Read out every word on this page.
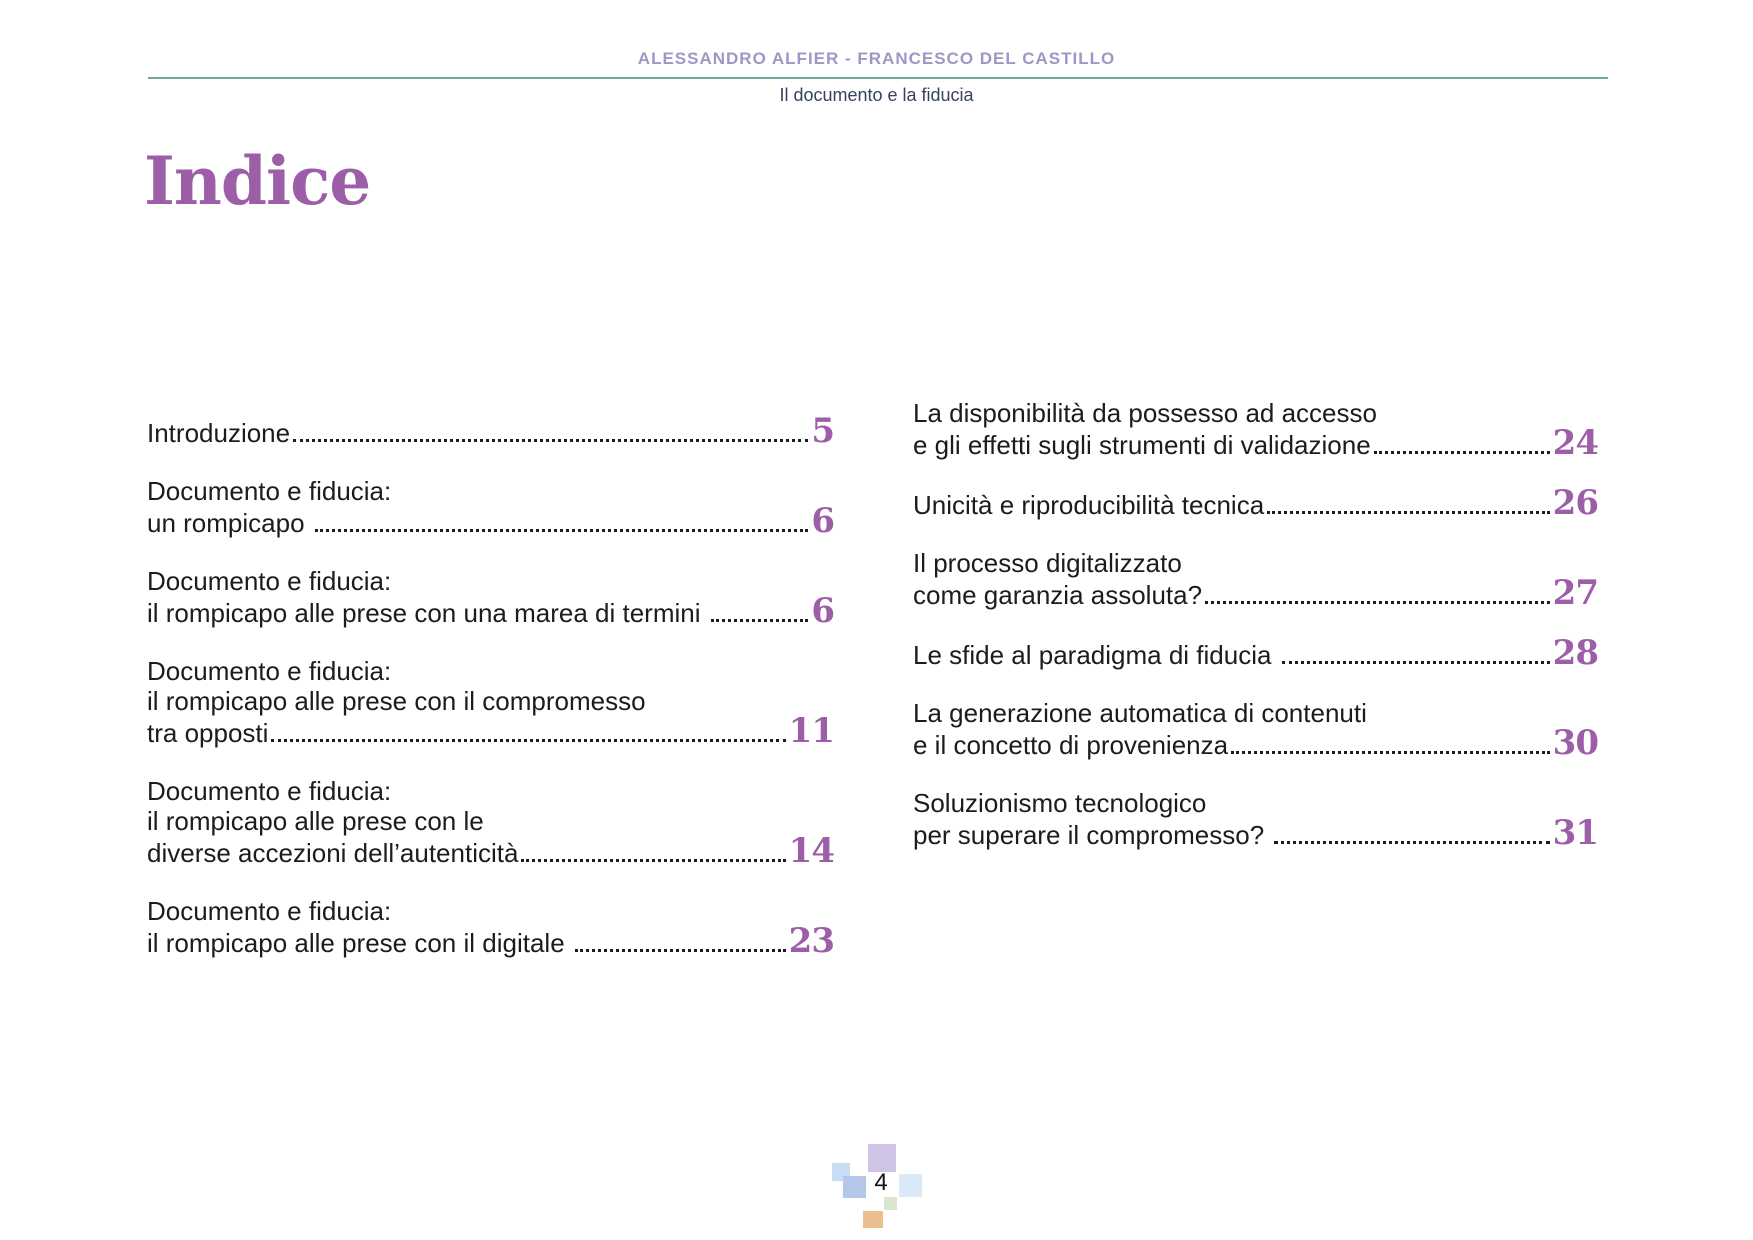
ALESSANDRO ALFIER - FRANCESCO DEL CASTILLO
Il documento e la fiducia
Indice
Introduzione	5
Documento e fiducia:
un rompicapo	6
Documento e fiducia:
il rompicapo alle prese con una marea di termini	6
Documento e fiducia:
il rompicapo alle prese con il compromesso
tra opposti	11
Documento e fiducia:
il rompicapo alle prese con le
diverse accezioni dell’autenticità	14
Documento e fiducia:
il rompicapo alle prese con il digitale	23
La disponibilità da possesso ad accesso
e gli effetti sugli strumenti di validazione	24
Unicità e riproducibilità tecnica	26
Il processo digitalizzato
come garanzia assoluta?	27
Le sfide al paradigma di fiducia	28
La generazione automatica di contenuti
e il concetto di provenienza	30
Soluzionismo tecnologico
per superare il compromesso?	31
4
